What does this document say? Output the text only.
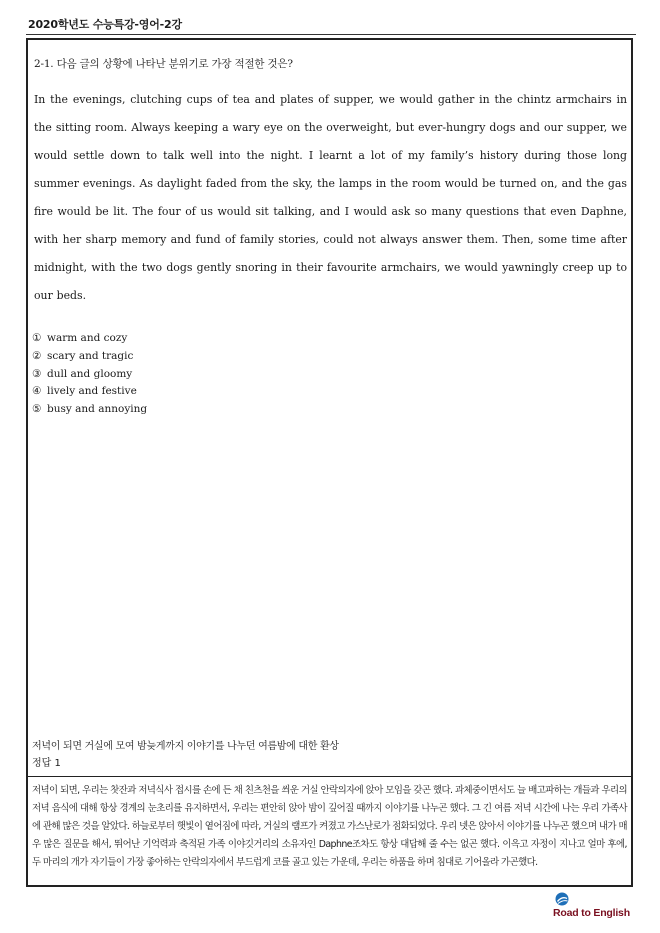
2020학년도 수능특강-영어-2강
2-1. 다음 글의 상황에 나타난 분위기로 가장 적절한 것은?

In the evenings, clutching cups of tea and plates of supper, we would gather in the chintz armchairs in the sitting room. Always keeping a wary eye on the overweight, but ever-hungry dogs and our supper, we would settle down to talk well into the night. I learnt a lot of my family’s history during those long summer evenings. As daylight faded from the sky, the lamps in the room would be turned on, and the gas fire would be lit. The four of us would sit talking, and I would ask so many questions that even Daphne, with her sharp memory and fund of family stories, could not always answer them. Then, some time after midnight, with the two dogs gently snoring in their favourite armchairs, we would yawningly creep up to our beds.

① warm and cozy
② scary and tragic
③ dull and gloomy
④ lively and festive
⑤ busy and annoying
저녁이 되면 거실에 모여 밤늦게까지 이야기를 나누던 여름밤에 대한 환상
정답 1

저녁이 되면, 우리는 찻잔과 저녁식사 접시를 손에 든 채 친츠천을 씌운 거실 안락의자에 앉아 모임을 갖곤 했다. 과체중이면서도 늘 배고파하는 개들과 우리의 저녁 음식에 대해 항상 경계의 눈초리를 유지하면서, 우리는 편안히 앉아 밤이 깊어질 때까지 이야기를 나누곤 했다. 그 긴 여름 저녁 시간에 나는 우리 가족사에 관해 많은 것을 알았다. 하늘로부터 햇빛이 옅어짐에 따라, 거실의 램프가 켜졌고 가스난로가 점화되었다. 우리 넷은 앉아서 이야기를 나누곤 했으며 내가 매우 많은 질문을 해서, 뛰어난 기억력과 축적된 가족 이야깃거리의 소유자인 Daphne조차도 항상 대답해 줄 수는 없곤 했다. 이윽고 자정이 지나고 얼마 후에, 두 마리의 개가 자기들이 가장 좋아하는 안락의자에서 부드럽게 코를 골고 있는 가운데, 우리는 하품을 하며 침대로 기어올라 가곤했다.

Road to English
